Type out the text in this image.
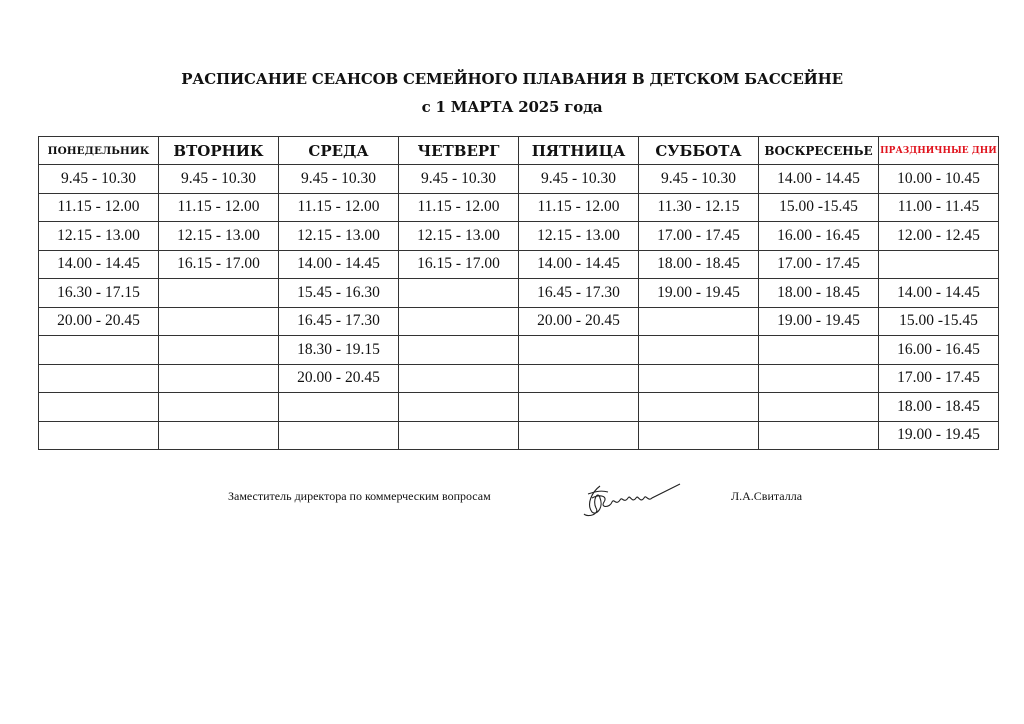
РАСПИСАНИЕ СЕАНСОВ СЕМЕЙНОГО ПЛАВАНИЯ В ДЕТСКОМ БАССЕЙНЕ
с 1 МАРТА 2025 года
ПОНЕДЕЛЬНИК	ВТОРНИК	СРЕДА	ЧЕТВЕРГ	ПЯТНИЦА	СУББОТА	ВОСКРЕСЕНЬЕ	ПРАЗДНИЧНЫЕ ДНИ
9.45 - 10.30	9.45 - 10.30	9.45 - 10.30	9.45 - 10.30	9.45 - 10.30	9.45 - 10.30	14.00 - 14.45	10.00 - 10.45
11.15 - 12.00	11.15 - 12.00	11.15 - 12.00	11.15 - 12.00	11.15 - 12.00	11.30 - 12.15	15.00 -15.45	11.00 - 11.45
12.15 - 13.00	12.15 - 13.00	12.15 - 13.00	12.15 - 13.00	12.15 - 13.00	17.00 - 17.45	16.00 - 16.45	12.00 - 12.45
14.00 - 14.45	16.15 - 17.00	14.00 - 14.45	16.15 - 17.00	14.00 - 14.45	18.00 - 18.45	17.00 - 17.45	
16.30 - 17.15		15.45 - 16.30		16.45 - 17.30	19.00 - 19.45	18.00 - 18.45	14.00 - 14.45
20.00 - 20.45		16.45 - 17.30		20.00 - 20.45		19.00 - 19.45	15.00 -15.45
		18.30 - 19.15					16.00 - 16.45
		20.00 - 20.45					17.00 - 17.45
							18.00 - 18.45
							19.00 - 19.45
Заместитель директора по коммерческим вопросам	Л.А.Свиталла
